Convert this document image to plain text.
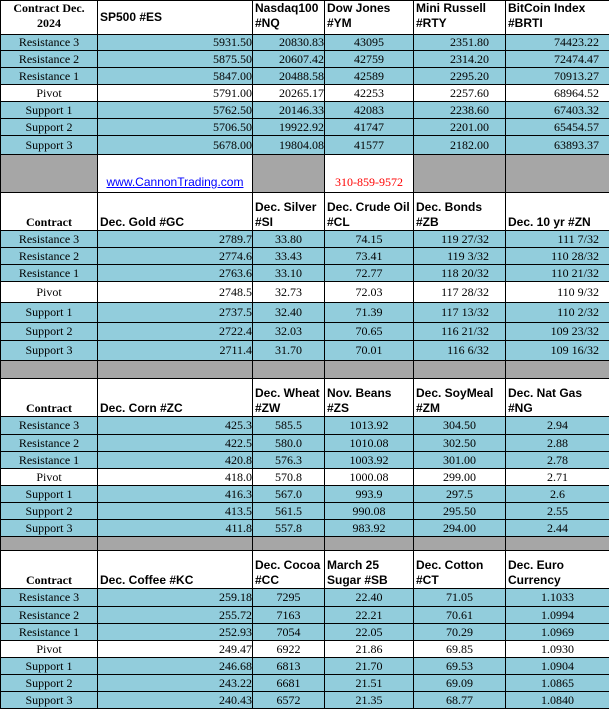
Contract Dec. 2024	SP500 #ES	Nasdaq100 #NQ	Dow Jones #YM	Mini Russell #RTY	BitCoin Index #BRTI
Resistance 3	5931.50	20830.83	43095	2351.80	74423.22
Resistance 2	5875.50	20607.42	42759	2314.20	72474.47
Resistance 1	5847.00	20488.58	42589	2295.20	70913.27
Pivot	5791.00	20265.17	42253	2257.60	68964.52
Support 1	5762.50	20146.33	42083	2238.60	67403.32
Support 2	5706.50	19922.92	41747	2201.00	65454.57
Support 3	5678.00	19804.08	41577	2182.00	63893.37
	www.CannonTrading.com		310-859-9572		
Contract	Dec. Gold #GC	Dec. Silver #SI	Dec. Crude Oil #CL	Dec. Bonds #ZB	Dec. 10 yr #ZN
Resistance 3	2789.7	33.80	74.15	119 27/32	111 7/32
Resistance 2	2774.6	33.43	73.41	119 3/32	110 28/32
Resistance 1	2763.6	33.10	72.77	118 20/32	110 21/32
Pivot	2748.5	32.73	72.03	117 28/32	110 9/32
Support 1	2737.5	32.40	71.39	117 13/32	110 2/32
Support 2	2722.4	32.03	70.65	116 21/32	109 23/32
Support 3	2711.4	31.70	70.01	116 6/32	109 16/32

Contract	Dec. Corn #ZC	Dec. Wheat #ZW	Nov. Beans #ZS	Dec. SoyMeal #ZM	Dec. Nat Gas #NG
Resistance 3	425.3	585.5	1013.92	304.50	2.94
Resistance 2	422.5	580.0	1010.08	302.50	2.88
Resistance 1	420.8	576.3	1003.92	301.00	2.78
Pivot	418.0	570.8	1000.08	299.00	2.71
Support 1	416.3	567.0	993.9	297.5	2.6
Support 2	413.5	561.5	990.08	295.50	2.55
Support 3	411.8	557.8	983.92	294.00	2.44

Contract	Dec. Coffee #KC	Dec. Cocoa #CC	March 25 Sugar #SB	Dec. Cotton #CT	Dec. Euro Currency
Resistance 3	259.18	7295	22.40	71.05	1.1033
Resistance 2	255.72	7163	22.21	70.61	1.0994
Resistance 1	252.93	7054	22.05	70.29	1.0969
Pivot	249.47	6922	21.86	69.85	1.0930
Support 1	246.68	6813	21.70	69.53	1.0904
Support 2	243.22	6681	21.51	69.09	1.0865
Support 3	240.43	6572	21.35	68.77	1.0840
